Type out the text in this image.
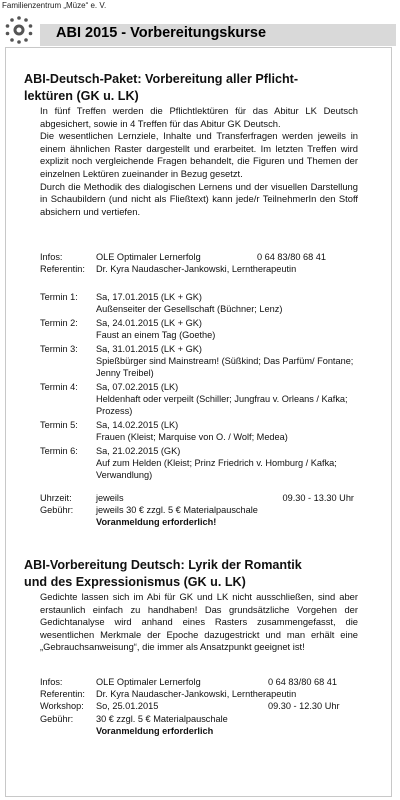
Familienzentrum „Müze“ e. V.
ABI 2015 - Vorbereitungskurse
ABI-Deutsch-Paket: Vorbereitung aller Pflicht-
lektüren (GK u. LK)

In fünf Treffen werden die Pflichtlektüren für das Abitur LK Deutsch abgesichert, sowie in 4 Treffen für das Abitur GK Deutsch.

Die wesentlichen Lernziele, Inhalte und Transferfragen werden jeweils in einem ähnlichen Raster dargestellt und erarbeitet. Im letzten Treffen wird explizit noch vergleichende Fragen behandelt, die Figuren und Themen der einzelnen Lektüren zueinander in Bezug gesetzt.

Durch die Methodik des dialogischen Lernens und der visuellen Darstellung in Schaubildern (und nicht als Fließtext) kann jede/r TeilnehmerIn den Stoff absichern und vertiefen.

Infos:	OLE Optimaler Lernerfolg	0 64 83/80 68 41
Referentin: Dr. Kyra Naudascher-Jankowski, Lerntherapeutin
Termin 1: Sa, 17.01.2015 (LK + GK)
Außenseiter der Gesellschaft (Büchner; Lenz)
Termin 2: Sa, 24.01.2015 (LK + GK)
Faust an einem Tag (Goethe)
Termin 3: Sa, 31.01.2015 (LK + GK)
Spießbürger sind Mainstream! (Süßkind; Das Parfüm/ Fontane; Jenny Treibel)
Termin 4: Sa, 07.02.2015 (LK)
Heldenhaft oder verpeilt (Schiller; Jungfrau v. Orleans / Kafka; Prozess)
Termin 5: Sa, 14.02.2015 (LK)
Frauen (Kleist; Marquise von O. / Wolf; Medea)
Termin 6: Sa, 21.02.2015 (GK)
Auf zum Helden (Kleist; Prinz Friedrich v. Homburg / Kafka; Verwandlung)
Uhrzeit:	jeweils	09.30 - 13.30 Uhr
Gebühr: jeweils 30 € zzgl. 5 € Materialpauschale
Voranmeldung erforderlich!
ABI-Vorbereitung Deutsch: Lyrik der Romantik
und des Expressionismus (GK u. LK)

Gedichte lassen sich im Abi für GK und LK nicht ausschließen, sind aber erstaunlich einfach zu handhaben! Das grundsätzliche Vorgehen der Gedichtanalyse wird anhand eines Rasters zusammengefasst, die wesentlichen Merkmale der Epoche dazugestrickt und man erhält eine „Gebrauchsanweisung“, die immer als Ansatzpunkt geeignet ist!

Infos:	OLE Optimaler Lernerfolg	0 64 83/80 68 41
Referentin: Dr. Kyra Naudascher-Jankowski, Lerntherapeutin
Workshop: So, 25.01.2015	09.30 - 12.30 Uhr
Gebühr: 30 € zzgl. 5 € Materialpauschale
Voranmeldung erforderlich
